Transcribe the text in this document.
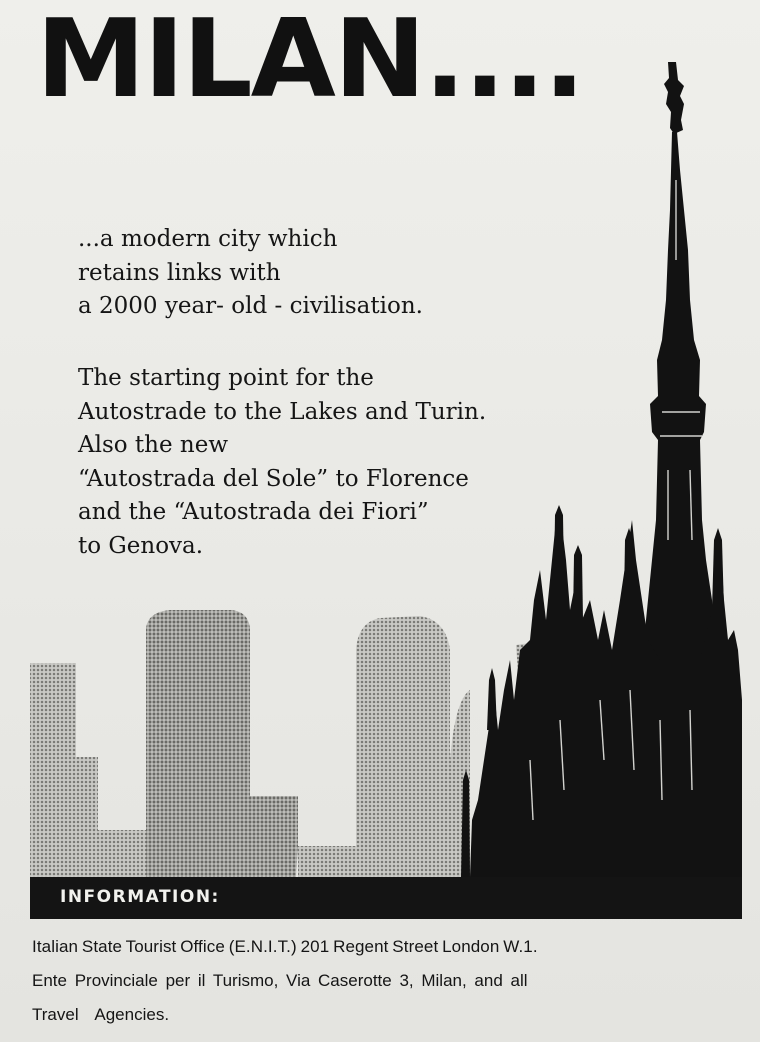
MILAN....
...a modern city which
retains links with
a 2000 year- old - civilisation.
The starting point for the
Autostrade to the Lakes and Turin.
Also the new
“Autostrada del Sole” to Florence
and the “Autostrada dei Fiori”
to Genova.
INFORMATION:
Italian State Tourist Office (E.N.I.T.) 201 Regent Street London W.1.
Ente Provinciale per il Turismo, Via Caserotte 3, Milan, and all
Travel Agencies.
